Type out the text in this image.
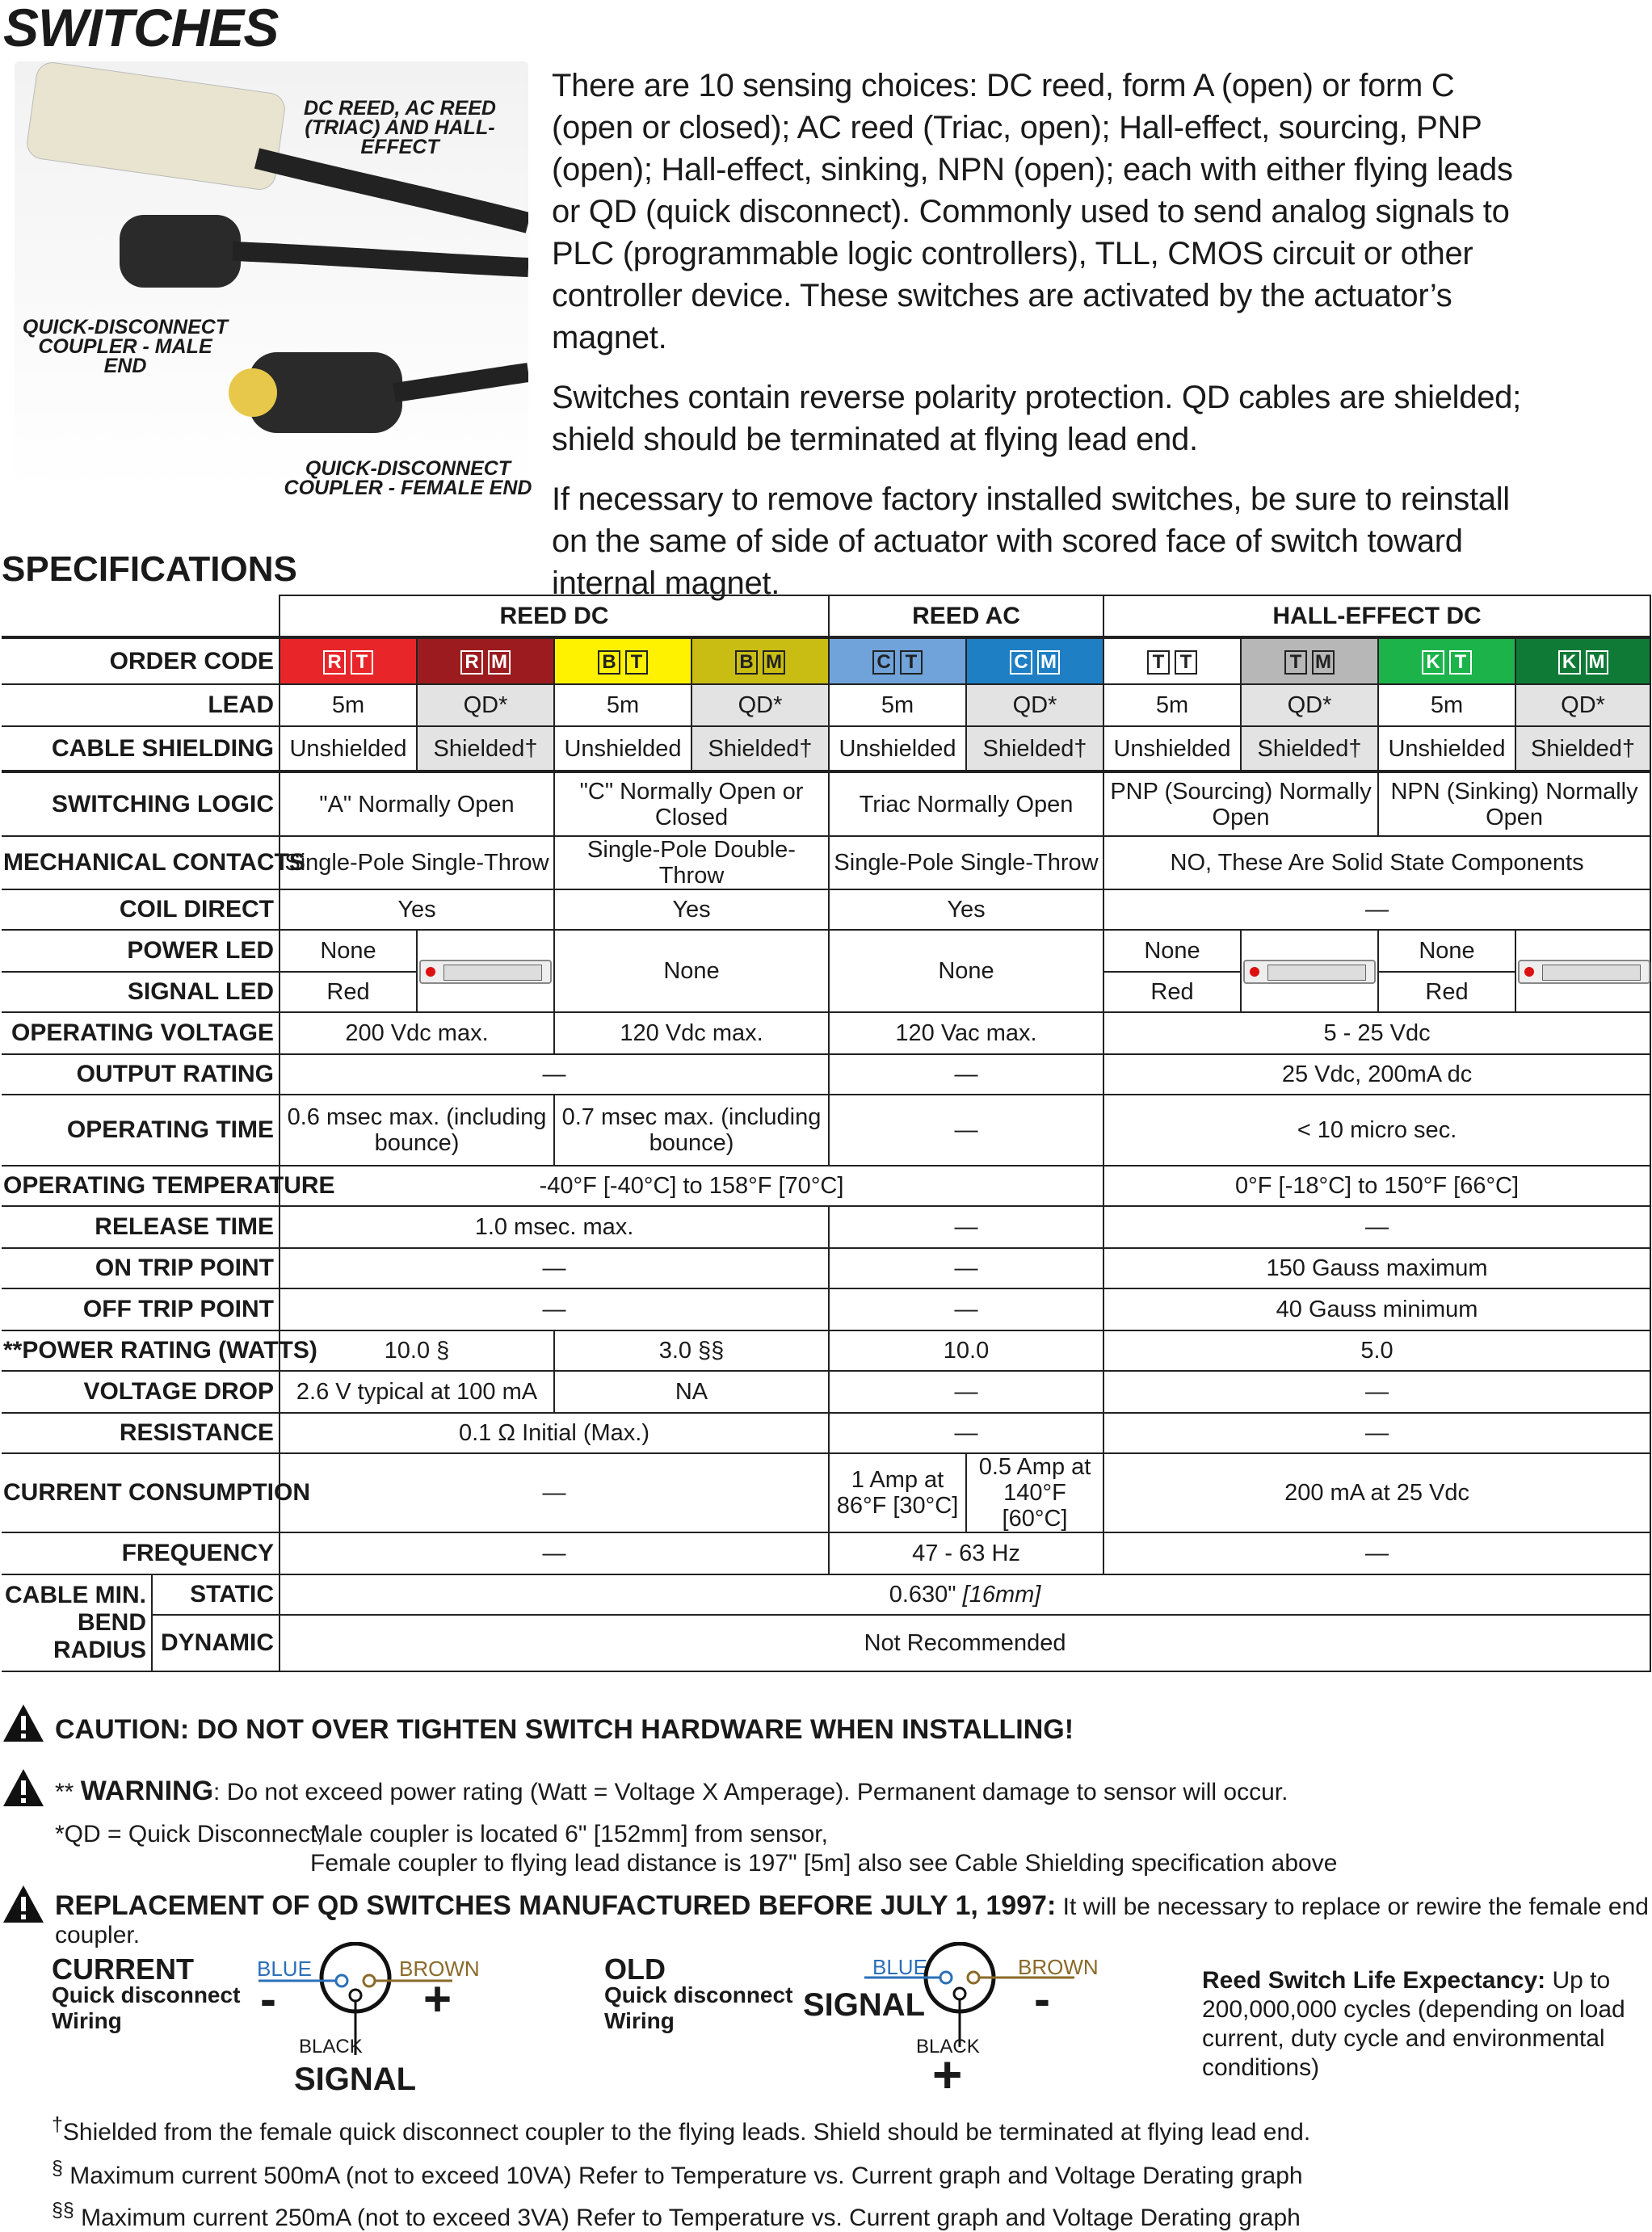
SWITCHES
DC REED, AC REED (TRIAC) AND HALL-EFFECT
QUICK-DISCONNECT COUPLER - MALE END
QUICK-DISCONNECT COUPLER - FEMALE END

There are 10 sensing choices: DC reed, form A (open) or form C (open or closed); AC reed (Triac, open); Hall-effect, sourcing, PNP (open); Hall-effect, sinking, NPN (open); each with either flying leads or QD (quick disconnect). Commonly used to send analog signals to PLC (programmable logic controllers), TLL, CMOS circuit or other controller device. These switches are activated by the actuator’s magnet.

Switches contain reverse polarity protection. QD cables are shielded; shield should be terminated at flying lead end.

If necessary to remove factory installed switches, be sure to reinstall on the same of side of actuator with scored face of switch toward internal magnet.

SPECIFICATIONS
		REED DC				REED AC		HALL-EFFECT DC			
ORDER CODE		R T	R M	B T	B M	C T	C M	T T	T M	K T	K M

LEAD		5m	QD*	5m	QD*	5m	QD*	5m	QD*	5m	QD*
CABLE SHIELDING		Unshielded	Shielded†	Unshielded	Shielded†	Unshielded	Shielded†	Unshielded	Shielded†	Unshielded	Shielded†
SWITCHING LOGIC		"A" Normally Open		"C" Normally Open or Closed		Triac Normally Open		PNP (Sourcing) Normally Open		NPN (Sinking) Normally Open	
MECHANICAL CONTACTS		Single-Pole Single-Throw		Single-Pole Double-Throw		Single-Pole Single-Throw		NO, These Are Solid State Components			
COIL DIRECT		Yes		Yes		Yes		—			
POWER LED		None		None		None		None		None	
SIGNAL LED		Red						Red		Red	
OPERATING VOLTAGE		200 Vdc max.		120 Vdc max.		120 Vac max.		5 - 25 Vdc			
OUTPUT RATING		—				—		25 Vdc, 200mA dc			
OPERATING TIME		0.6 msec max. (including bounce)		0.7 msec max. (including bounce)		—		< 10 micro sec.			
OPERATING TEMPERATURE		-40°F [-40°C] to 158°F [70°C]						0°F [-18°C] to 150°F [66°C]			
RELEASE TIME		1.0 msec. max.				—		—			
ON TRIP POINT		—				—		150 Gauss maximum			
OFF TRIP POINT		—				—		40 Gauss minimum			
**POWER RATING (WATTS)		10.0 §		3.0 §§		10.0		5.0			
VOLTAGE DROP		2.6 V typical at 100 mA		NA		—		—			
RESISTANCE		0.1 Ω Initial (Max.)				—		—			
CURRENT CONSUMPTION		—				1 Amp at 86°F [30°C]	0.5 Amp at 140°F [60°C]	200 mA at 25 Vdc			
FREQUENCY		—				47 - 63 Hz		—			
CABLE MIN. BEND RADIUS	STATIC	0.630" [16mm]									
	DYNAMIC	Not Recommended									
CAUTION: DO NOT OVER TIGHTEN SWITCH HARDWARE WHEN INSTALLING!
** WARNING: Do not exceed power rating (Watt = Voltage X Amperage). Permanent damage to sensor will occur.
*QD = Quick Disconnect;
Male coupler is located 6" [152mm] from sensor,
Female coupler to flying lead distance is 197" [5m] also see Cable Shielding specification above
REPLACEMENT OF QD SWITCHES MANUFACTURED BEFORE JULY 1, 1997: It will be necessary to replace or rewire the female end coupler.
CURRENT
Quick disconnect
Wiring
BLUE	BROWN
-	+
BLACK
SIGNAL
OLD
Quick disconnect
Wiring
BLUE	BROWN
SIGNAL -
BLACK
+
Reed Switch Life Expectancy: Up to 200,000,000 cycles (depending on load current, duty cycle and environmental conditions)
†Shielded from the female quick disconnect coupler to the flying leads. Shield should be terminated at flying lead end.
§ Maximum current 500mA (not to exceed 10VA) Refer to Temperature vs. Current graph and Voltage Derating graph
§§ Maximum current 250mA (not to exceed 3VA) Refer to Temperature vs. Current graph and Voltage Derating graph
